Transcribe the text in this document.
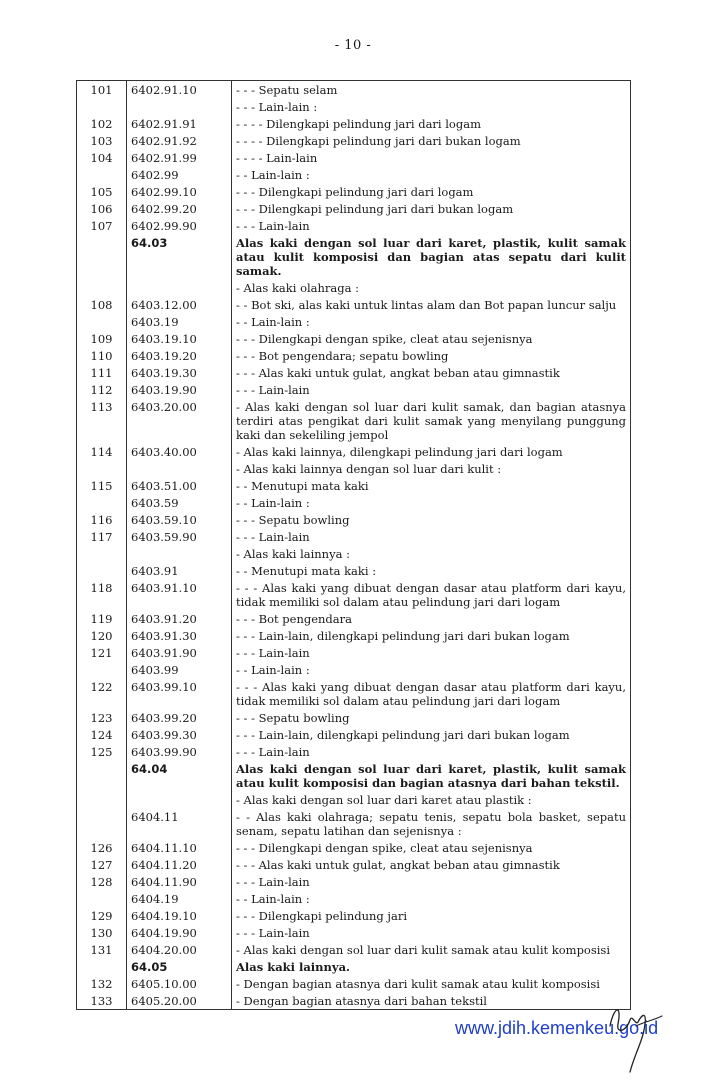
- 10 -
101	6402.91.10	- - - Sepatu selam
		- - - Lain-lain :
102	6402.91.91	- - - - Dilengkapi pelindung jari dari logam
103	6402.91.92	- - - - Dilengkapi pelindung jari dari bukan logam
104	6402.91.99	- - - - Lain-lain
	6402.99	- - Lain-lain :
105	6402.99.10	- - - Dilengkapi pelindung jari dari logam
106	6402.99.20	- - - Dilengkapi pelindung jari dari bukan logam
107	6402.99.90	- - - Lain-lain
	64.03	Alas kaki dengan sol luar dari karet, plastik, kulit samak atau kulit komposisi dan bagian atas sepatu dari kulit samak.
		- Alas kaki olahraga :
108	6403.12.00	- - Bot ski, alas kaki untuk lintas alam dan Bot papan luncur salju
	6403.19	- - Lain-lain :
109	6403.19.10	- - - Dilengkapi dengan spike, cleat atau sejenisnya
110	6403.19.20	- - - Bot pengendara; sepatu bowling
111	6403.19.30	- - - Alas kaki untuk gulat, angkat beban atau gimnastik
112	6403.19.90	- - - Lain-lain
113	6403.20.00	- Alas kaki dengan sol luar dari kulit samak, dan bagian atasnya terdiri atas pengikat dari kulit samak yang menyilang punggung kaki dan sekeliling jempol
114	6403.40.00	- Alas kaki lainnya, dilengkapi pelindung jari dari logam
		- Alas kaki lainnya dengan sol luar dari kulit :
115	6403.51.00	- - Menutupi mata kaki
	6403.59	- - Lain-lain :
116	6403.59.10	- - - Sepatu bowling
117	6403.59.90	- - - Lain-lain
		- Alas kaki lainnya :
	6403.91	- - Menutupi mata kaki :
118	6403.91.10	- - - Alas kaki yang dibuat dengan dasar atau platform dari kayu, tidak memiliki sol dalam atau pelindung jari dari logam
119	6403.91.20	- - - Bot pengendara
120	6403.91.30	- - - Lain-lain, dilengkapi pelindung jari dari bukan logam
121	6403.91.90	- - - Lain-lain
	6403.99	- - Lain-lain :
122	6403.99.10	- - - Alas kaki yang dibuat dengan dasar atau platform dari kayu, tidak memiliki sol dalam atau pelindung jari dari logam
123	6403.99.20	- - - Sepatu bowling
124	6403.99.30	- - - Lain-lain, dilengkapi pelindung jari dari bukan logam
125	6403.99.90	- - - Lain-lain
	64.04	Alas kaki dengan sol luar dari karet, plastik, kulit samak atau kulit komposisi dan bagian atasnya dari bahan tekstil.
		- Alas kaki dengan sol luar dari karet atau plastik :
	6404.11	- - Alas kaki olahraga; sepatu tenis, sepatu bola basket, sepatu senam, sepatu latihan dan sejenisnya :
126	6404.11.10	- - - Dilengkapi dengan spike, cleat atau sejenisnya
127	6404.11.20	- - - Alas kaki untuk gulat, angkat beban atau gimnastik
128	6404.11.90	- - - Lain-lain
	6404.19	- - Lain-lain :
129	6404.19.10	- - - Dilengkapi pelindung jari
130	6404.19.90	- - - Lain-lain
131	6404.20.00	- Alas kaki dengan sol luar dari kulit samak atau kulit komposisi
	64.05	Alas kaki lainnya.
132	6405.10.00	- Dengan bagian atasnya dari kulit samak atau kulit komposisi
133	6405.20.00	- Dengan bagian atasnya dari bahan tekstil
www.jdih.kemenkeu.go.id
